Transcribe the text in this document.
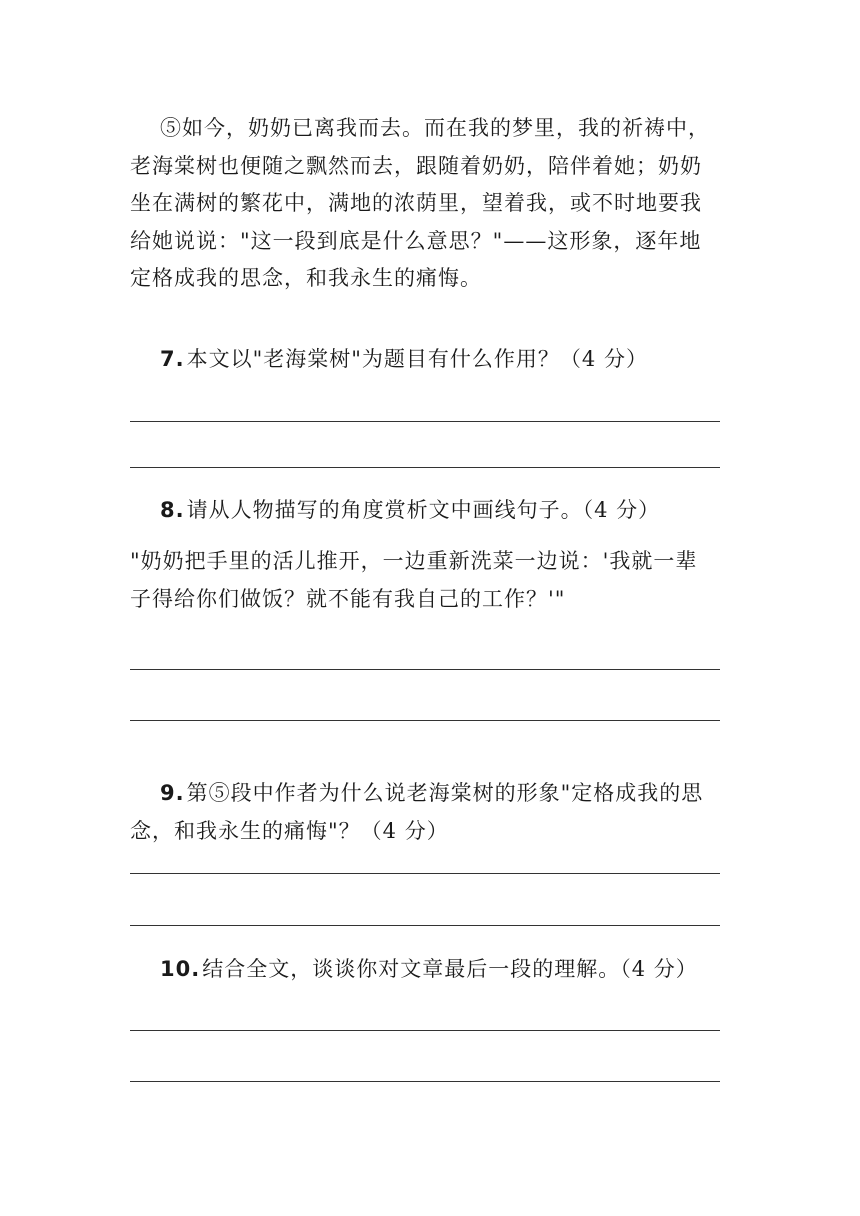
⑤如今，奶奶已离我而去。而在我的梦里，我的祈祷中，
老海棠树也便随之飘然而去，跟随着奶奶，陪伴着她；奶奶
坐在满树的繁花中，满地的浓荫里，望着我，或不时地要我
给她说说："这一段到底是什么意思？"——这形象，逐年地
定格成我的思念，和我永生的痛悔。
7.本文以"老海棠树"为题目有什么作用？（4 分）
8.请从人物描写的角度赏析文中画线句子。（4 分）
"奶奶把手里的活儿推开，一边重新洗菜一边说：'我就一辈
子得给你们做饭？就不能有我自己的工作？'"
9.第⑤段中作者为什么说老海棠树的形象"定格成我的思
念，和我永生的痛悔"？（4 分）
10.结合全文，谈谈你对文章最后一段的理解。（4 分）
